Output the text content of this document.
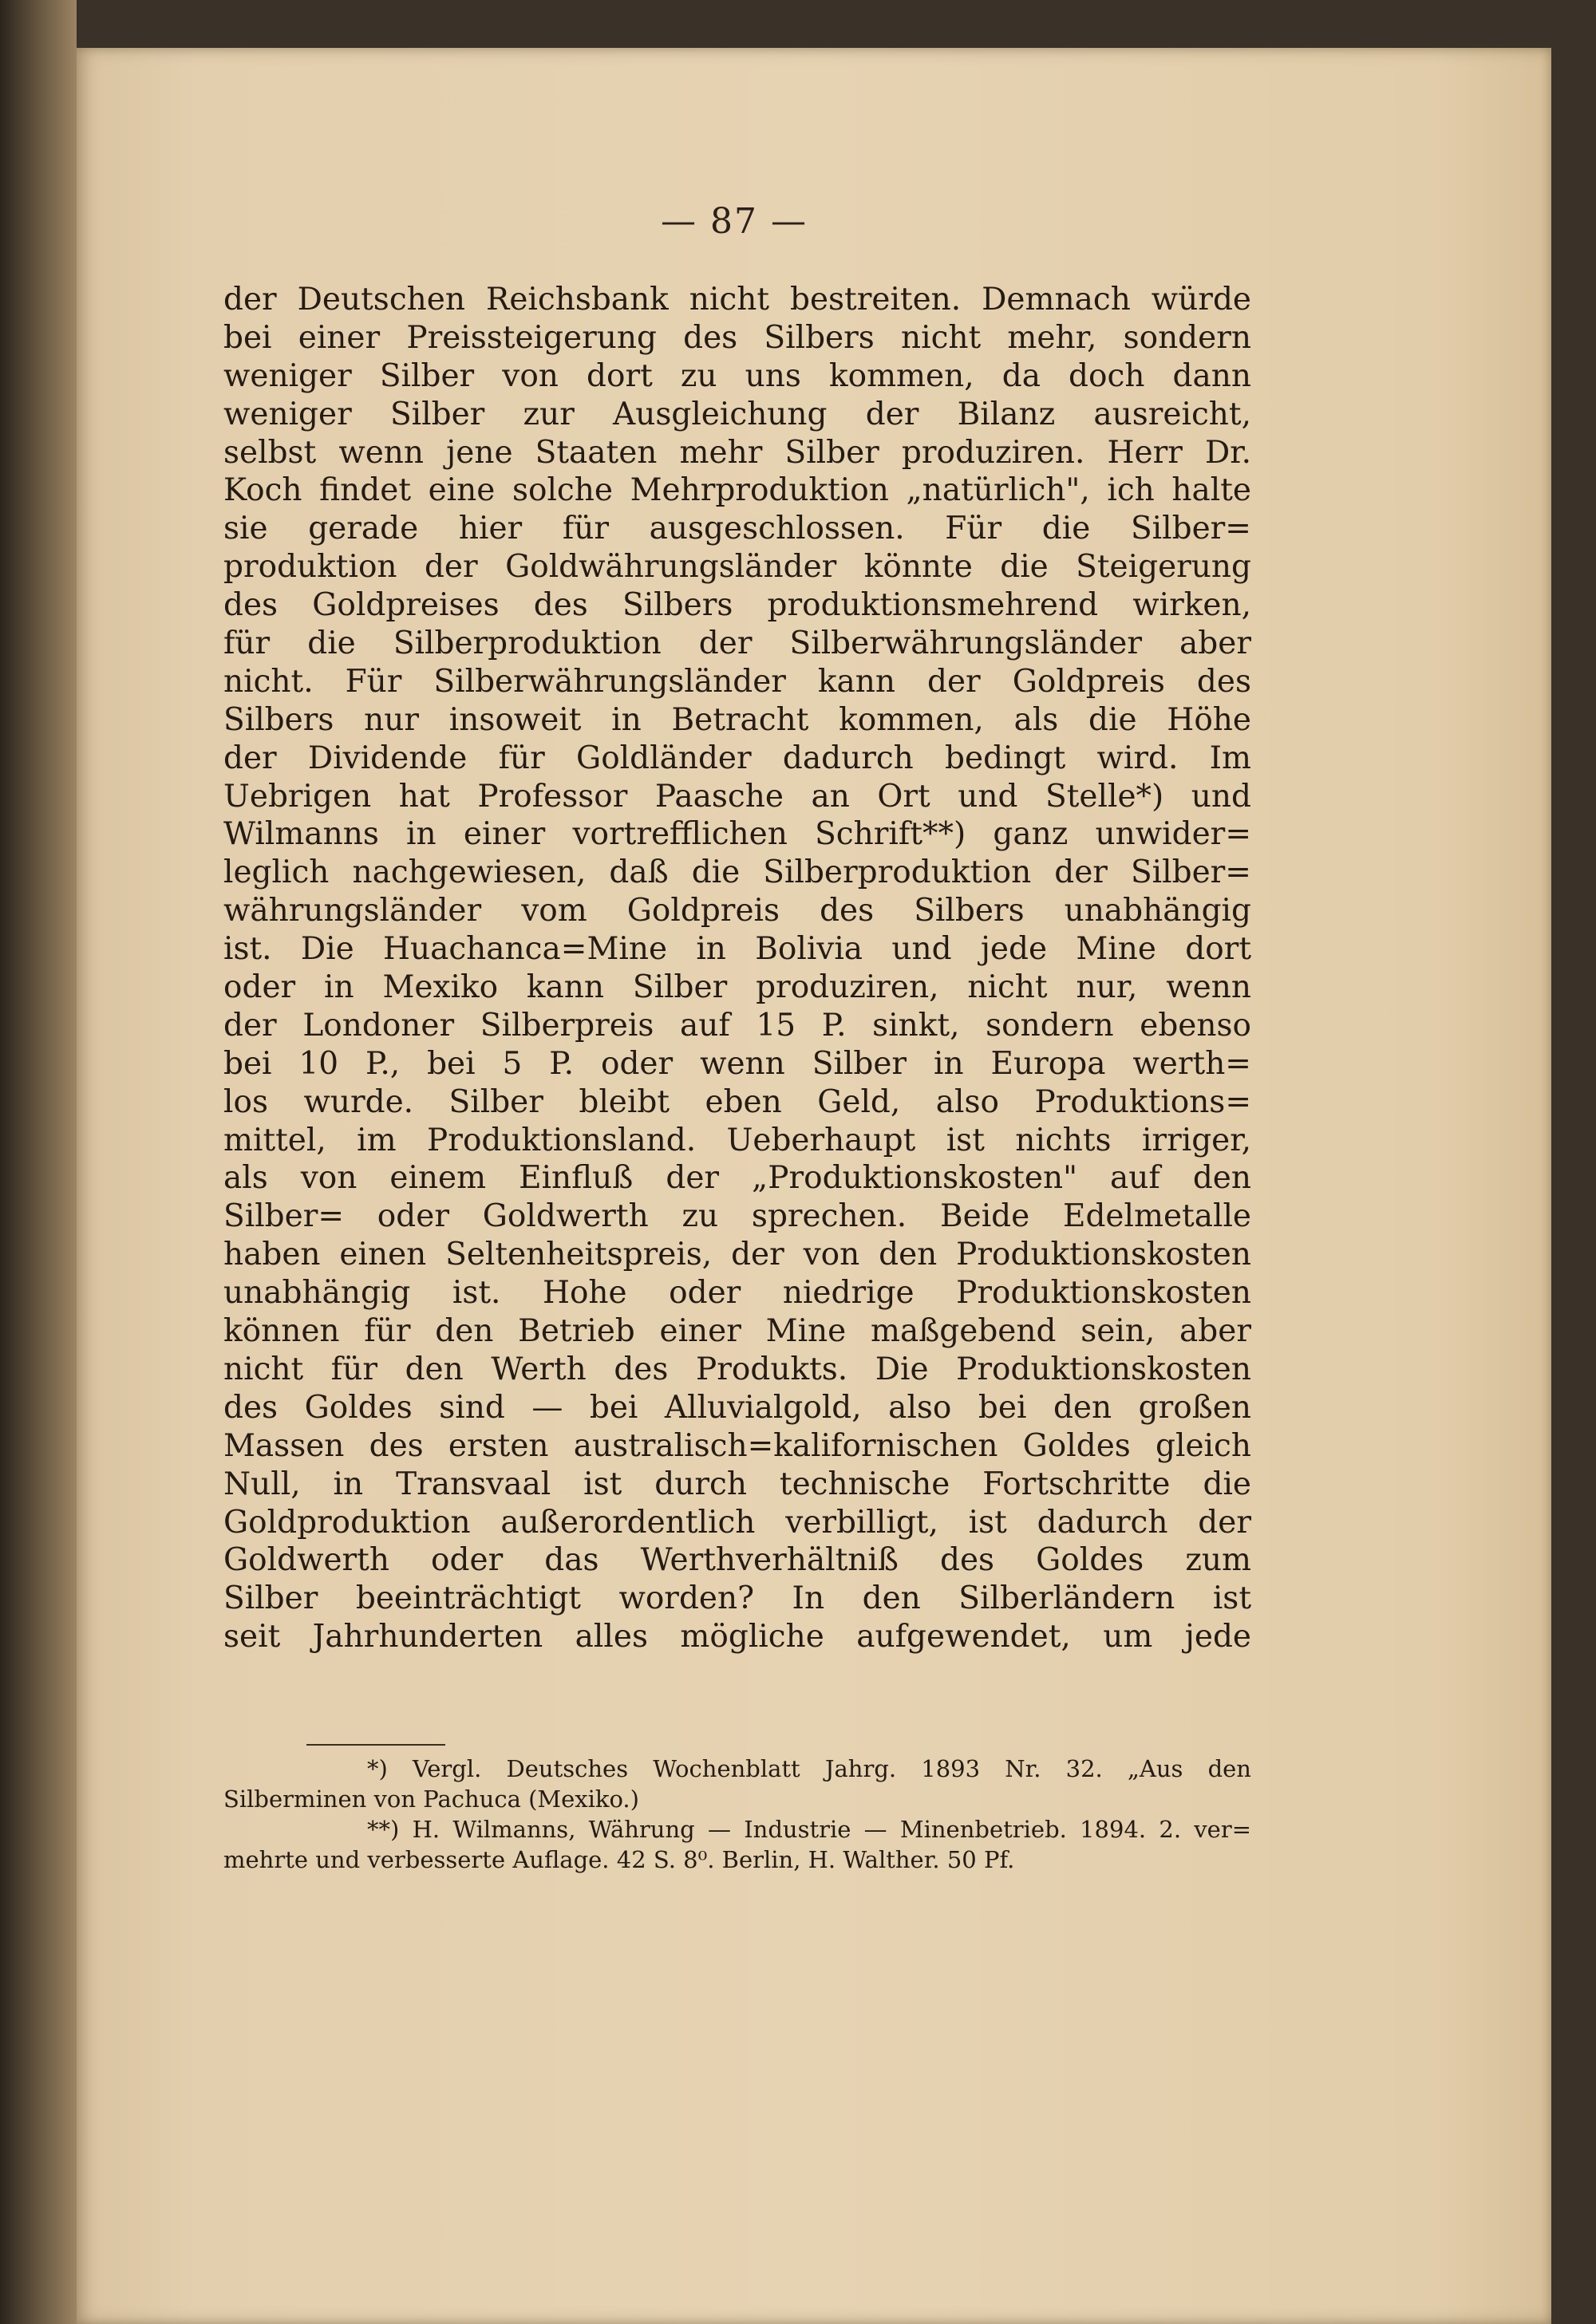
— 87 —
der Deutschen Reichsbank nicht bestreiten. Demnach würde
bei einer Preissteigerung des Silbers nicht mehr, sondern
weniger Silber von dort zu uns kommen, da doch dann
weniger Silber zur Ausgleichung der Bilanz ausreicht,
selbst wenn jene Staaten mehr Silber produziren. Herr Dr.
Koch findet eine solche Mehrproduktion „natürlich", ich halte
sie gerade hier für ausgeschlossen. Für die Silber=
produktion der Goldwährungsländer könnte die Steigerung
des Goldpreises des Silbers produktionsmehrend wirken,
für die Silberproduktion der Silberwährungsländer aber
nicht. Für Silberwährungsländer kann der Goldpreis des
Silbers nur insoweit in Betracht kommen, als die Höhe
der Dividende für Goldländer dadurch bedingt wird. Im
Uebrigen hat Professor Paasche an Ort und Stelle*) und
Wilmanns in einer vortrefflichen Schrift**) ganz unwider=
leglich nachgewiesen, daß die Silberproduktion der Silber=
währungsländer vom Goldpreis des Silbers unabhängig
ist. Die Huachanca=Mine in Bolivia und jede Mine dort
oder in Mexiko kann Silber produziren, nicht nur, wenn
der Londoner Silberpreis auf 15 P. sinkt, sondern ebenso
bei 10 P., bei 5 P. oder wenn Silber in Europa werth=
los wurde. Silber bleibt eben Geld, also Produktions=
mittel, im Produktionsland. Ueberhaupt ist nichts irriger,
als von einem Einfluß der „Produktionskosten" auf den
Silber= oder Goldwerth zu sprechen. Beide Edelmetalle
haben einen Seltenheitspreis, der von den Produktionskosten
unabhängig ist. Hohe oder niedrige Produktionskosten
können für den Betrieb einer Mine maßgebend sein, aber
nicht für den Werth des Produkts. Die Produktionskosten
des Goldes sind — bei Alluvialgold, also bei den großen
Massen des ersten australisch=kalifornischen Goldes gleich
Null, in Transvaal ist durch technische Fortschritte die
Goldproduktion außerordentlich verbilligt, ist dadurch der
Goldwerth oder das Werthverhältniß des Goldes zum
Silber beeinträchtigt worden? In den Silberländern ist
seit Jahrhunderten alles mögliche aufgewendet, um jede
*) Vergl. Deutsches Wochenblatt Jahrg. 1893 Nr. 32. „Aus den
Silberminen von Pachuca (Mexiko.)
**) H. Wilmanns, Währung — Industrie — Minenbetrieb. 1894. 2. ver=
mehrte und verbesserte Auflage. 42 S. 8⁰. Berlin, H. Walther. 50 Pf.
